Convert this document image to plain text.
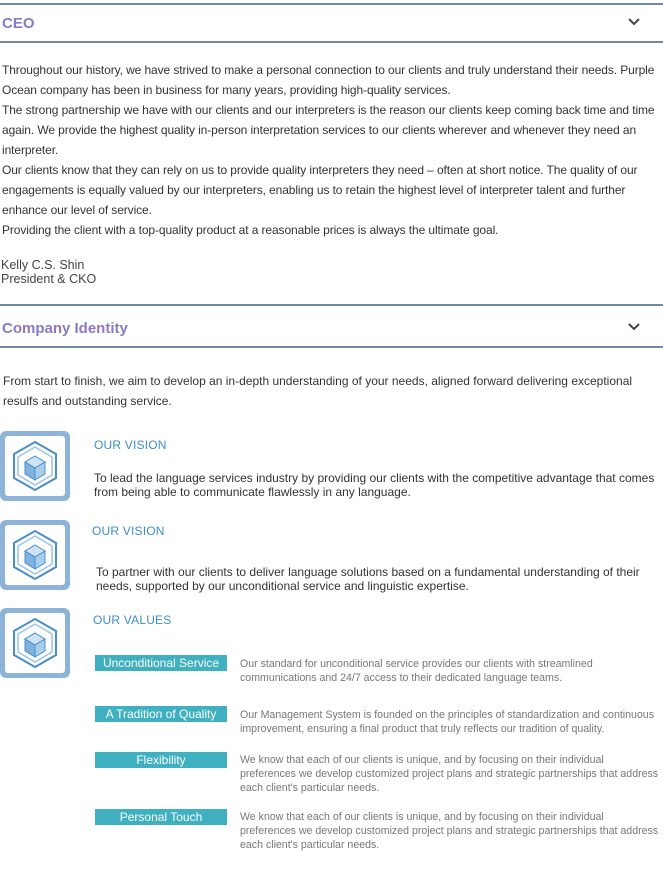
CEO

Throughout our history, we have strived to make a personal connection to our clients and truly understand their needs. Purple Ocean company has been in business for many years, providing high-quality services.

The strong partnership we have with our clients and our interpreters is the reason our clients keep coming back time and time again. We provide the highest quality in-person interpretation services to our clients wherever and whenever they need an interpreter.

Our clients know that they can rely on us to provide quality interpreters they need – often at short notice. The quality of our engagements is equally valued by our interpreters, enabling us to retain the highest level of interpreter talent and further enhance our level of service.

Providing the client with a top-quality product at a reasonable prices is always the ultimate goal.

Kelly C.S. Shin
President & CKO
Company Identity
From start to finish, we aim to develop an in-depth understanding of your needs, aligned forward delivering exceptional resulfs and outstanding service.
OUR VISION
To lead the language services industry by providing our clients with the competitive advantage that comes from being able to communicate flawlessly in any language.
OUR VISION
To partner with our clients to deliver language solutions based on a fundamental understanding of their needs, supported by our unconditional service and linguistic expertise.
OUR VALUES
Unconditional Service	Our standard for unconditional service provides our clients with streamlined communications and 24/7 access to their dedicated language teams.
A Tradition of Quality	Our Management System is founded on the principles of standardization and continuous improvement, ensuring a final product that truly reflects our tradition of quality.
Flexibility	We know that each of our clients is unique, and by focusing on their individual preferences we develop customized project plans and strategic partnerships that address each client's particular needs.
Personal Touch	We know that each of our clients is unique, and by focusing on their individual preferences we develop customized project plans and strategic partnerships that address each client's particular needs.
